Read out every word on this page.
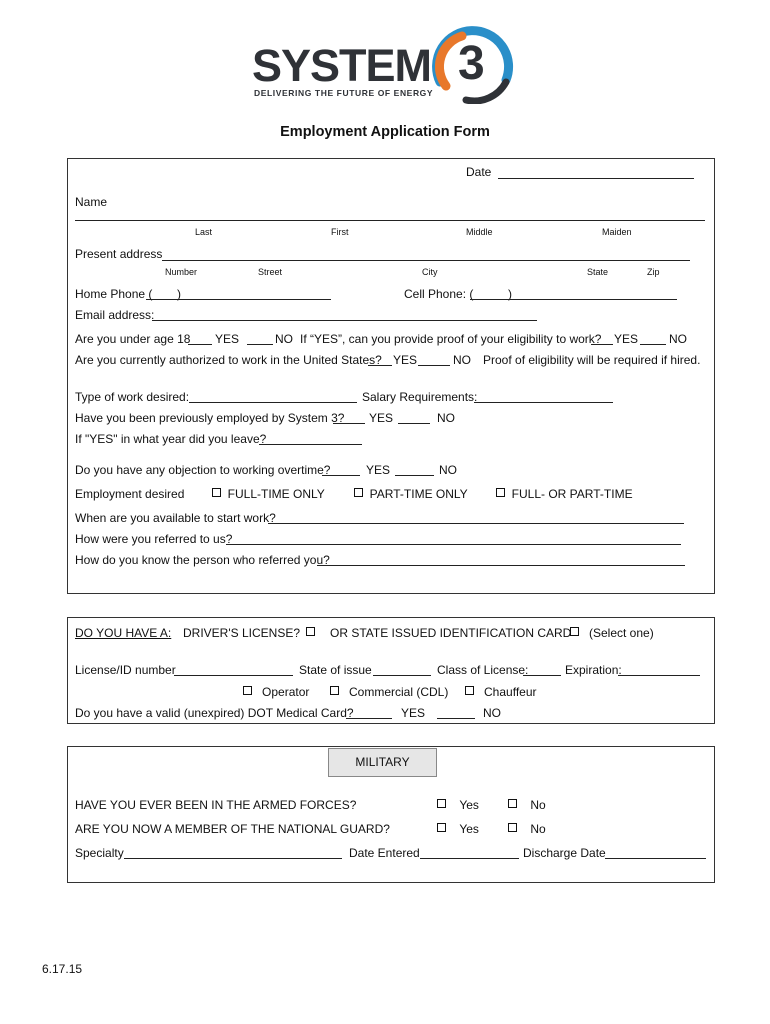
SYSTEM 3
DELIVERING THE FUTURE OF ENERGY
Employment Application Form
Date
Name
Last	First	Middle	Maiden
Present address
Number	Street	City	State	Zip
Home Phone ( )	Cell Phone: (	)
Email address:
Are you under age 18 YES	NO If “YES”, can you provide proof of your eligibility to work? YES	NO
Are you currently authorized to work in the United States? YES	NO Proof of eligibility will be required if hired.
Type of work desired:	Salary Requirements:
Have you been previously employed by System 3? YES	NO
If "YES" in what year did you leave?
Do you have any objection to working overtime?	YES	NO
Employment desired	FULL-TIME ONLY	PART-TIME ONLY	FULL- OR PART-TIME
When are you available to start work?
How were you referred to us?
How do you know the person who referred you?
DO YOU HAVE A: DRIVER'S LICENSE?	OR STATE ISSUED IDENTIFICATION CARD (Select one)
License/ID number	State of issue	Class of License:	Expiration:
Operator	Commercial (CDL)	Chauffeur
Do you have a valid (unexpired) DOT Medical Card?	YES	NO
MILITARY
HAVE YOU EVER BEEN IN THE ARMED FORCES?	Yes	No
ARE YOU NOW A MEMBER OF THE NATIONAL GUARD?	Yes	No
Specialty	Date Entered	Discharge Date
6.17.15
